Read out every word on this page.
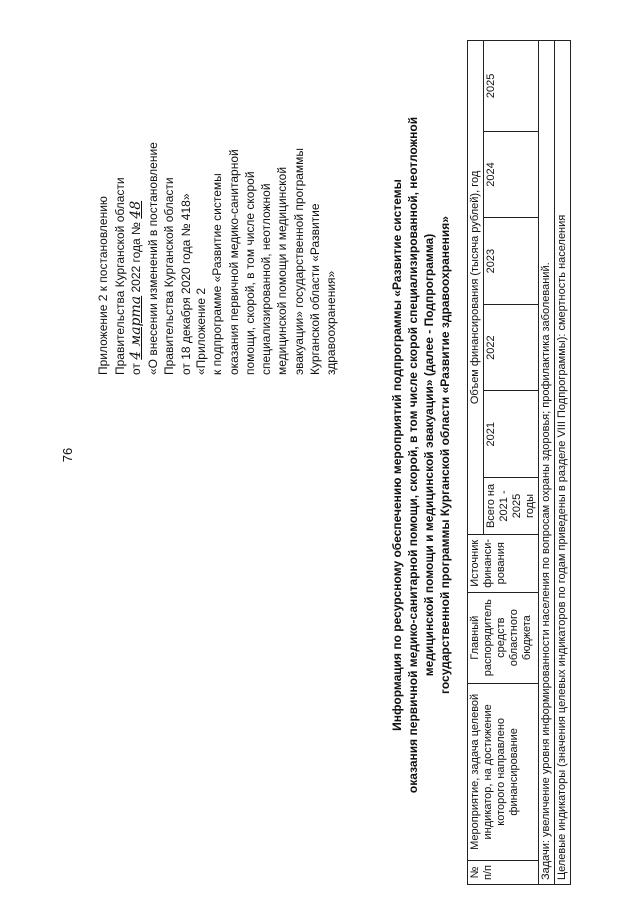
76
Приложение 2 к постановлению Правительства Курганской области от 4 марта 2022 года № 48 «О внесении изменений в постановление Правительства Курганской области от 18 декабря 2020 года № 418» «Приложение 2 к подпрограмме «Развитие системы оказания первичной медико-санитарной помощи, скорой, в том числе скорой специализированной, неотложной медицинской помощи и медицинской эвакуации» государственной программы Курганской области «Развитие здравоохранения»	Информация по ресурсному обеспечению мероприятий подпрограммы «Развитие системы оказания первичной медико-санитарной помощи, скорой, в том числе скорой специализированной, неотложной медицинской помощи и медицинской эвакуации» (далее - Подпрограмма) государственной программы Курганской области «Развитие здравоохранения»
№ п/п	Мероприятие, задача целевой индикатор, на достижение которого направлено финансирование	Главный распорядитель средств областного бюджета	Источник финанси-рования	Объем финансирования (тысяча рублей), год					
				Всего на 2021 - 2025 годы	2021	2022	2023	2024	2025
Задачи: увеличение уровня информированности населения по вопросам охраны здоровья; профилактика заболеваний.									
Целевые индикаторы (значения целевых индикаторов по годам приведены в разделе VIII Подпрограммы): смертность населения									
